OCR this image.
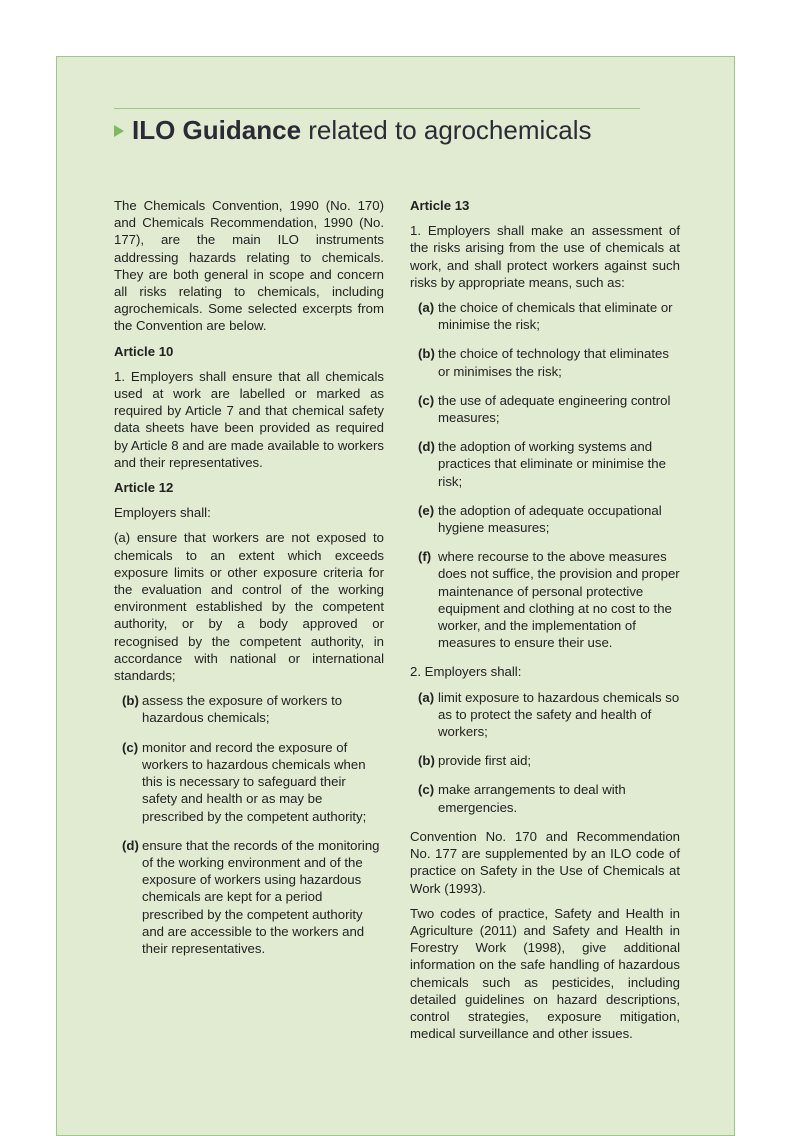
ILO Guidance related to agrochemicals

The Chemicals Convention, 1990 (No. 170) and Chemicals Recommendation, 1990 (No. 177), are the main ILO instruments addressing hazards relating to chemicals. They are both general in scope and concern all risks relating to chemicals, including agrochemicals. Some selected excerpts from the Convention are below.

Article 10

1. Employers shall ensure that all chemicals used at work are labelled or marked as required by Article 7 and that chemical safety data sheets have been provided as required by Article 8 and are made available to workers and their representatives.

Article 12

Employers shall:

(a) ensure that workers are not exposed to chemicals to an extent which exceeds exposure limits or other exposure criteria for the evaluation and control of the working environment established by the competent authority, or by a body approved or recognised by the competent authority, in accordance with national or international standards;

(b) assess the exposure of workers to hazardous chemicals;
(c) monitor and record the exposure of workers to hazardous chemicals when this is necessary to safeguard their safety and health or as may be prescribed by the competent authority;
(d) ensure that the records of the monitoring of the working environment and of the exposure of workers using hazardous chemicals are kept for a period prescribed by the competent authority and are accessible to the workers and their representatives.

Article 13

1. Employers shall make an assessment of the risks arising from the use of chemicals at work, and shall protect workers against such risks by appropriate means, such as:

(a) the choice of chemicals that eliminate or minimise the risk;
(b) the choice of technology that eliminates or minimises the risk;
(c) the use of adequate engineering control measures;
(d) the adoption of working systems and practices that eliminate or minimise the risk;
(e) the adoption of adequate occupational hygiene measures;
(f) where recourse to the above measures does not suffice, the provision and proper maintenance of personal protective equipment and clothing at no cost to the worker, and the implementation of measures to ensure their use.

2. Employers shall:

(a) limit exposure to hazardous chemicals so as to protect the safety and health of workers;
(b) provide first aid;
(c) make arrangements to deal with emergencies.

Convention No. 170 and Recommendation No. 177 are supplemented by an ILO code of practice on Safety in the Use of Chemicals at Work (1993).

Two codes of practice, Safety and Health in Agriculture (2011) and Safety and Health in Forestry Work (1998), give additional information on the safe handling of hazardous chemicals such as pesticides, including detailed guidelines on hazard descriptions, control strategies, exposure mitigation, medical surveillance and other issues.
